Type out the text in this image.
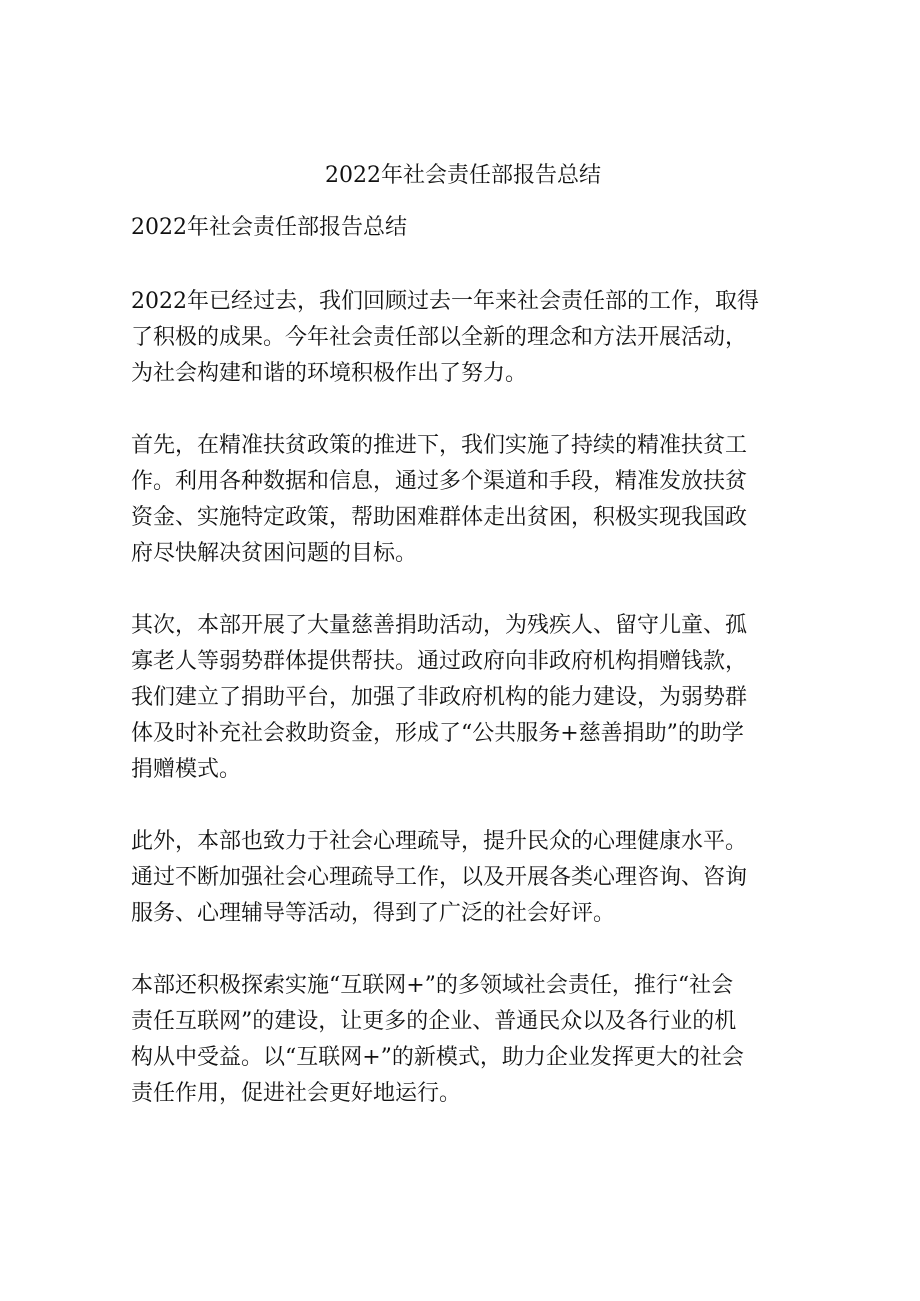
2022年社会责任部报告总结
2022年社会责任部报告总结

2022年已经过去，我们回顾过去一年来社会责任部的工作，取得
了积极的成果。今年社会责任部以全新的理念和方法开展活动，
为社会构建和谐的环境积极作出了努力。

首先，在精准扶贫政策的推进下，我们实施了持续的精准扶贫工
作。利用各种数据和信息，通过多个渠道和手段，精准发放扶贫
资金、实施特定政策，帮助困难群体走出贫困，积极实现我国政
府尽快解决贫困问题的目标。

其次，本部开展了大量慈善捐助活动，为残疾人、留守儿童、孤
寡老人等弱势群体提供帮扶。通过政府向非政府机构捐赠钱款，
我们建立了捐助平台，加强了非政府机构的能力建设，为弱势群
体及时补充社会救助资金，形成了“公共服务+慈善捐助”的助学
捐赠模式。

此外，本部也致力于社会心理疏导，提升民众的心理健康水平。
通过不断加强社会心理疏导工作，以及开展各类心理咨询、咨询
服务、心理辅导等活动，得到了广泛的社会好评。

本部还积极探索实施“互联网+”的多领域社会责任，推行“社会
责任互联网”的建设，让更多的企业、普通民众以及各行业的机
构从中受益。以“互联网+”的新模式，助力企业发挥更大的社会
责任作用，促进社会更好地运行。
